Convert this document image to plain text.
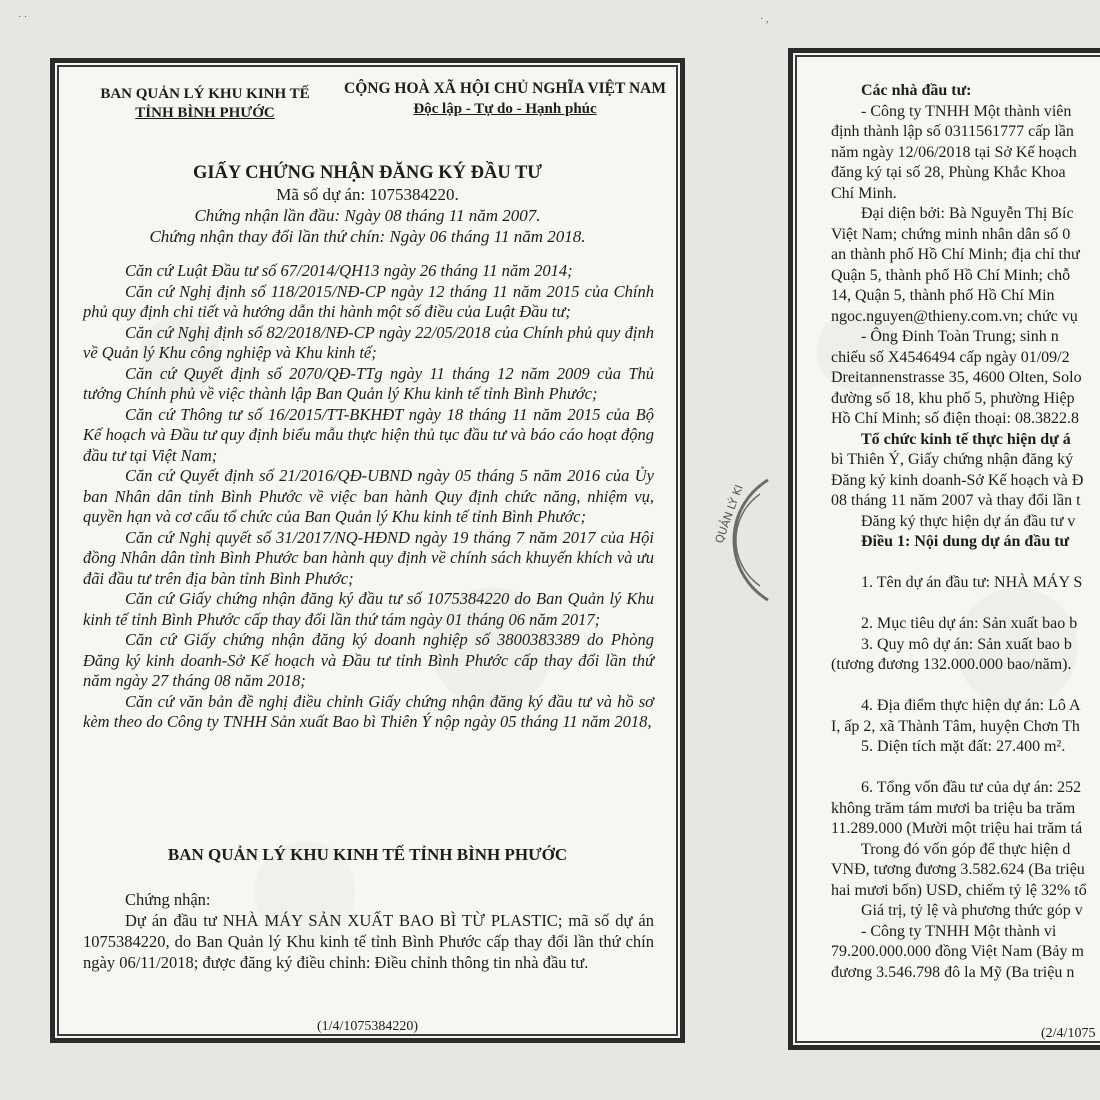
BAN QUẢN LÝ KHU KINH TẾ
TỈNH BÌNH PHƯỚC
CỘNG HOÀ XÃ HỘI CHỦ NGHĨA VIỆT NAM
Độc lập - Tự do - Hạnh phúc
GIẤY CHỨNG NHẬN ĐĂNG KÝ ĐẦU TƯ
Mã số dự án: 1075384220.
Chứng nhận lần đầu: Ngày 08 tháng 11 năm 2007.
Chứng nhận thay đổi lần thứ chín: Ngày 06 tháng 11 năm 2018.

Căn cứ Luật Đầu tư số 67/2014/QH13 ngày 26 tháng 11 năm 2014;

Căn cứ Nghị định số 118/2015/NĐ-CP ngày 12 tháng 11 năm 2015 của Chính phủ quy định chi tiết và hướng dẫn thi hành một số điều của Luật Đầu tư;

Căn cứ Nghị định số 82/2018/NĐ-CP ngày 22/05/2018 của Chính phủ quy định về Quản lý Khu công nghiệp và Khu kinh tế;

Căn cứ Quyết định số 2070/QĐ-TTg ngày 11 tháng 12 năm 2009 của Thủ tướng Chính phủ về việc thành lập Ban Quản lý Khu kinh tế tỉnh Bình Phước;

Căn cứ Thông tư số 16/2015/TT-BKHĐT ngày 18 tháng 11 năm 2015 của Bộ Kế hoạch và Đầu tư quy định biểu mẫu thực hiện thủ tục đầu tư và báo cáo hoạt động đầu tư tại Việt Nam;

Căn cứ Quyết định số 21/2016/QĐ-UBND ngày 05 tháng 5 năm 2016 của Ủy ban Nhân dân tỉnh Bình Phước về việc ban hành Quy định chức năng, nhiệm vụ, quyền hạn và cơ cấu tổ chức của Ban Quản lý Khu kinh tế tỉnh Bình Phước;

Căn cứ Nghị quyết số 31/2017/NQ-HĐND ngày 19 tháng 7 năm 2017 của Hội đồng Nhân dân tỉnh Bình Phước ban hành quy định về chính sách khuyến khích và ưu đãi đầu tư trên địa bàn tỉnh Bình Phước;

Căn cứ Giấy chứng nhận đăng ký đầu tư số 1075384220 do Ban Quản lý Khu kinh tế tỉnh Bình Phước cấp thay đổi lần thứ tám ngày 01 tháng 06 năm 2017;

Căn cứ Giấy chứng nhận đăng ký doanh nghiệp số 3800383389 do Phòng Đăng ký kinh doanh-Sở Kế hoạch và Đầu tư tỉnh Bình Phước cấp thay đổi lần thứ năm ngày 27 tháng 08 năm 2018;

Căn cứ văn bản đề nghị điều chỉnh Giấy chứng nhận đăng ký đầu tư và hồ sơ kèm theo do Công ty TNHH Sản xuất Bao bì Thiên Ý nộp ngày 05 tháng 11 năm 2018,

BAN QUẢN LÝ KHU KINH TẾ TỈNH BÌNH PHƯỚC

Chứng nhận:

Dự án đầu tư NHÀ MÁY SẢN XUẤT BAO BÌ TỪ PLASTIC; mã số dự án 1075384220, do Ban Quản lý Khu kinh tế tỉnh Bình Phước cấp thay đổi lần thứ chín ngày 06/11/2018; được đăng ký điều chỉnh: Điều chỉnh thông tin nhà đầu tư.

(1/4/1075384220)
QUẢN LÝ KI
· ·	· ,

Các nhà đầu tư:

- Công ty TNHH Một thành viên

định thành lập số 0311561777 cấp lần

năm ngày 12/06/2018 tại Sở Kế hoạch

đăng ký tại số 28, Phùng Khắc Khoa

Chí Minh.

Đại diện bởi: Bà Nguyễn Thị Bíc

Việt Nam; chứng minh nhân dân số 0

an thành phố Hồ Chí Minh; địa chỉ thư

Quận 5, thành phố Hồ Chí Minh; chỗ

14, Quận 5, thành phố Hồ Chí Min

ngoc.nguyen@thieny.com.vn; chức vụ

- Ông Đinh Toàn Trung; sinh n

chiếu số X4546494 cấp ngày 01/09/2

Dreitannenstrasse 35, 4600 Olten, Solo

đường số 18, khu phố 5, phường Hiệp

Hồ Chí Minh; số điện thoại: 08.3822.8

Tổ chức kinh tế thực hiện dự á

bì Thiên Ý, Giấy chứng nhận đăng ký

Đăng ký kinh doanh-Sở Kế hoạch và Đ

08 tháng 11 năm 2007 và thay đổi lần t

Đăng ký thực hiện dự án đầu tư v

Điều 1: Nội dung dự án đầu tư

1. Tên dự án đầu tư: NHÀ MÁY S

2. Mục tiêu dự án: Sản xuất bao b

3. Quy mô dự án: Sản xuất bao b

(tương đương 132.000.000 bao/năm).

4. Địa điểm thực hiện dự án: Lô A

I, ấp 2, xã Thành Tâm, huyện Chơn Th

5. Diện tích mặt đất: 27.400 m².

6. Tổng vốn đầu tư của dự án: 252

không trăm tám mươi ba triệu ba trăm

11.289.000 (Mười một triệu hai trăm tá

Trong đó vốn góp để thực hiện d

VNĐ, tương đương 3.582.624 (Ba triệu

hai mươi bốn) USD, chiếm tỷ lệ 32% tổ

Giá trị, tỷ lệ và phương thức góp v

- Công ty TNHH Một thành vi

79.200.000.000 đồng Việt Nam (Bảy m

đương 3.546.798 đô la Mỹ (Ba triệu n

(2/4/1075
